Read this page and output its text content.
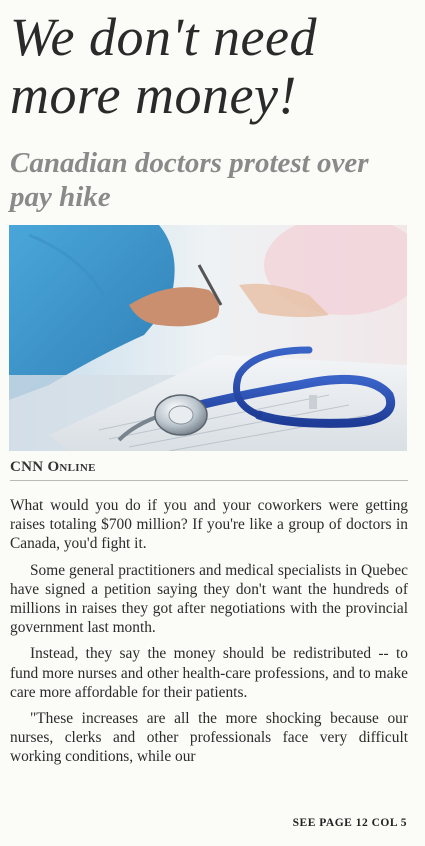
We don't need more money!
Canadian doctors protest over pay hike
CNN Online

What would you do if you and your coworkers were getting raises totaling $700 million? If you're like a group of doctors in Canada, you'd fight it.

Some general practitioners and medical specialists in Quebec have signed a petition saying they don't want the hundreds of millions in raises they got after negotiations with the provincial government last month.

Instead, they say the money should be redistributed -- to fund more nurses and other health-care professions, and to make care more affordable for their patients.

"These increases are all the more shocking because our nurses, clerks and other professionals face very difficult working conditions, while our

SEE PAGE 12 COL 5
